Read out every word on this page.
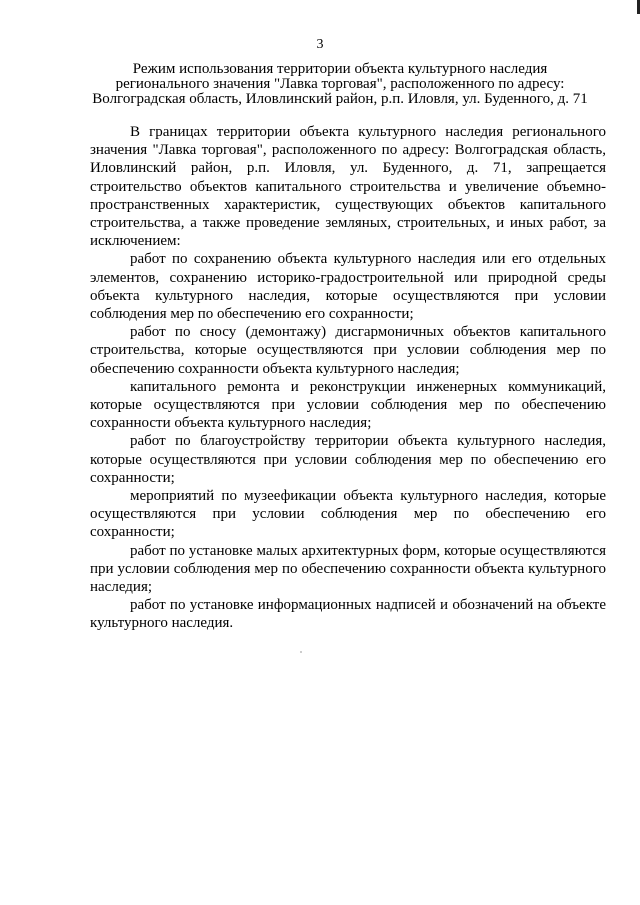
3
Режим использования территории объекта культурного наследия
регионального значения "Лавка торговая", расположенного по адресу:
Волгоградская область, Иловлинский район, р.п. Иловля, ул. Буденного, д. 71

В границах территории объекта культурного наследия регионального значения "Лавка торговая", расположенного по адресу: Волгоградская область, Иловлинский район, р.п. Иловля, ул. Буденного, д. 71, запрещается строительство объектов капитального строительства и увеличение объемно-пространственных характеристик, существующих объектов капитального строительства, а также проведение земляных, строительных, и иных работ, за исключением:

работ по сохранению объекта культурного наследия или его отдельных элементов, сохранению историко-градостроительной или природной среды объекта культурного наследия, которые осуществляются при условии соблюдения мер по обеспечению его сохранности;

работ по сносу (демонтажу) дисгармоничных объектов капитального строительства, которые осуществляются при условии соблюдения мер по обеспечению сохранности объекта культурного наследия;

капитального ремонта и реконструкции инженерных коммуникаций, которые осуществляются при условии соблюдения мер по обеспечению сохранности объекта культурного наследия;

работ по благоустройству территории объекта культурного наследия, которые осуществляются при условии соблюдения мер по обеспечению его сохранности;

мероприятий по музеефикации объекта культурного наследия, которые осуществляются при условии соблюдения мер по обеспечению его сохранности;

работ по установке малых архитектурных форм, которые осуществляются при условии соблюдения мер по обеспечению сохранности объекта культурного наследия;

работ по установке информационных надписей и обозначений на объекте культурного наследия.
